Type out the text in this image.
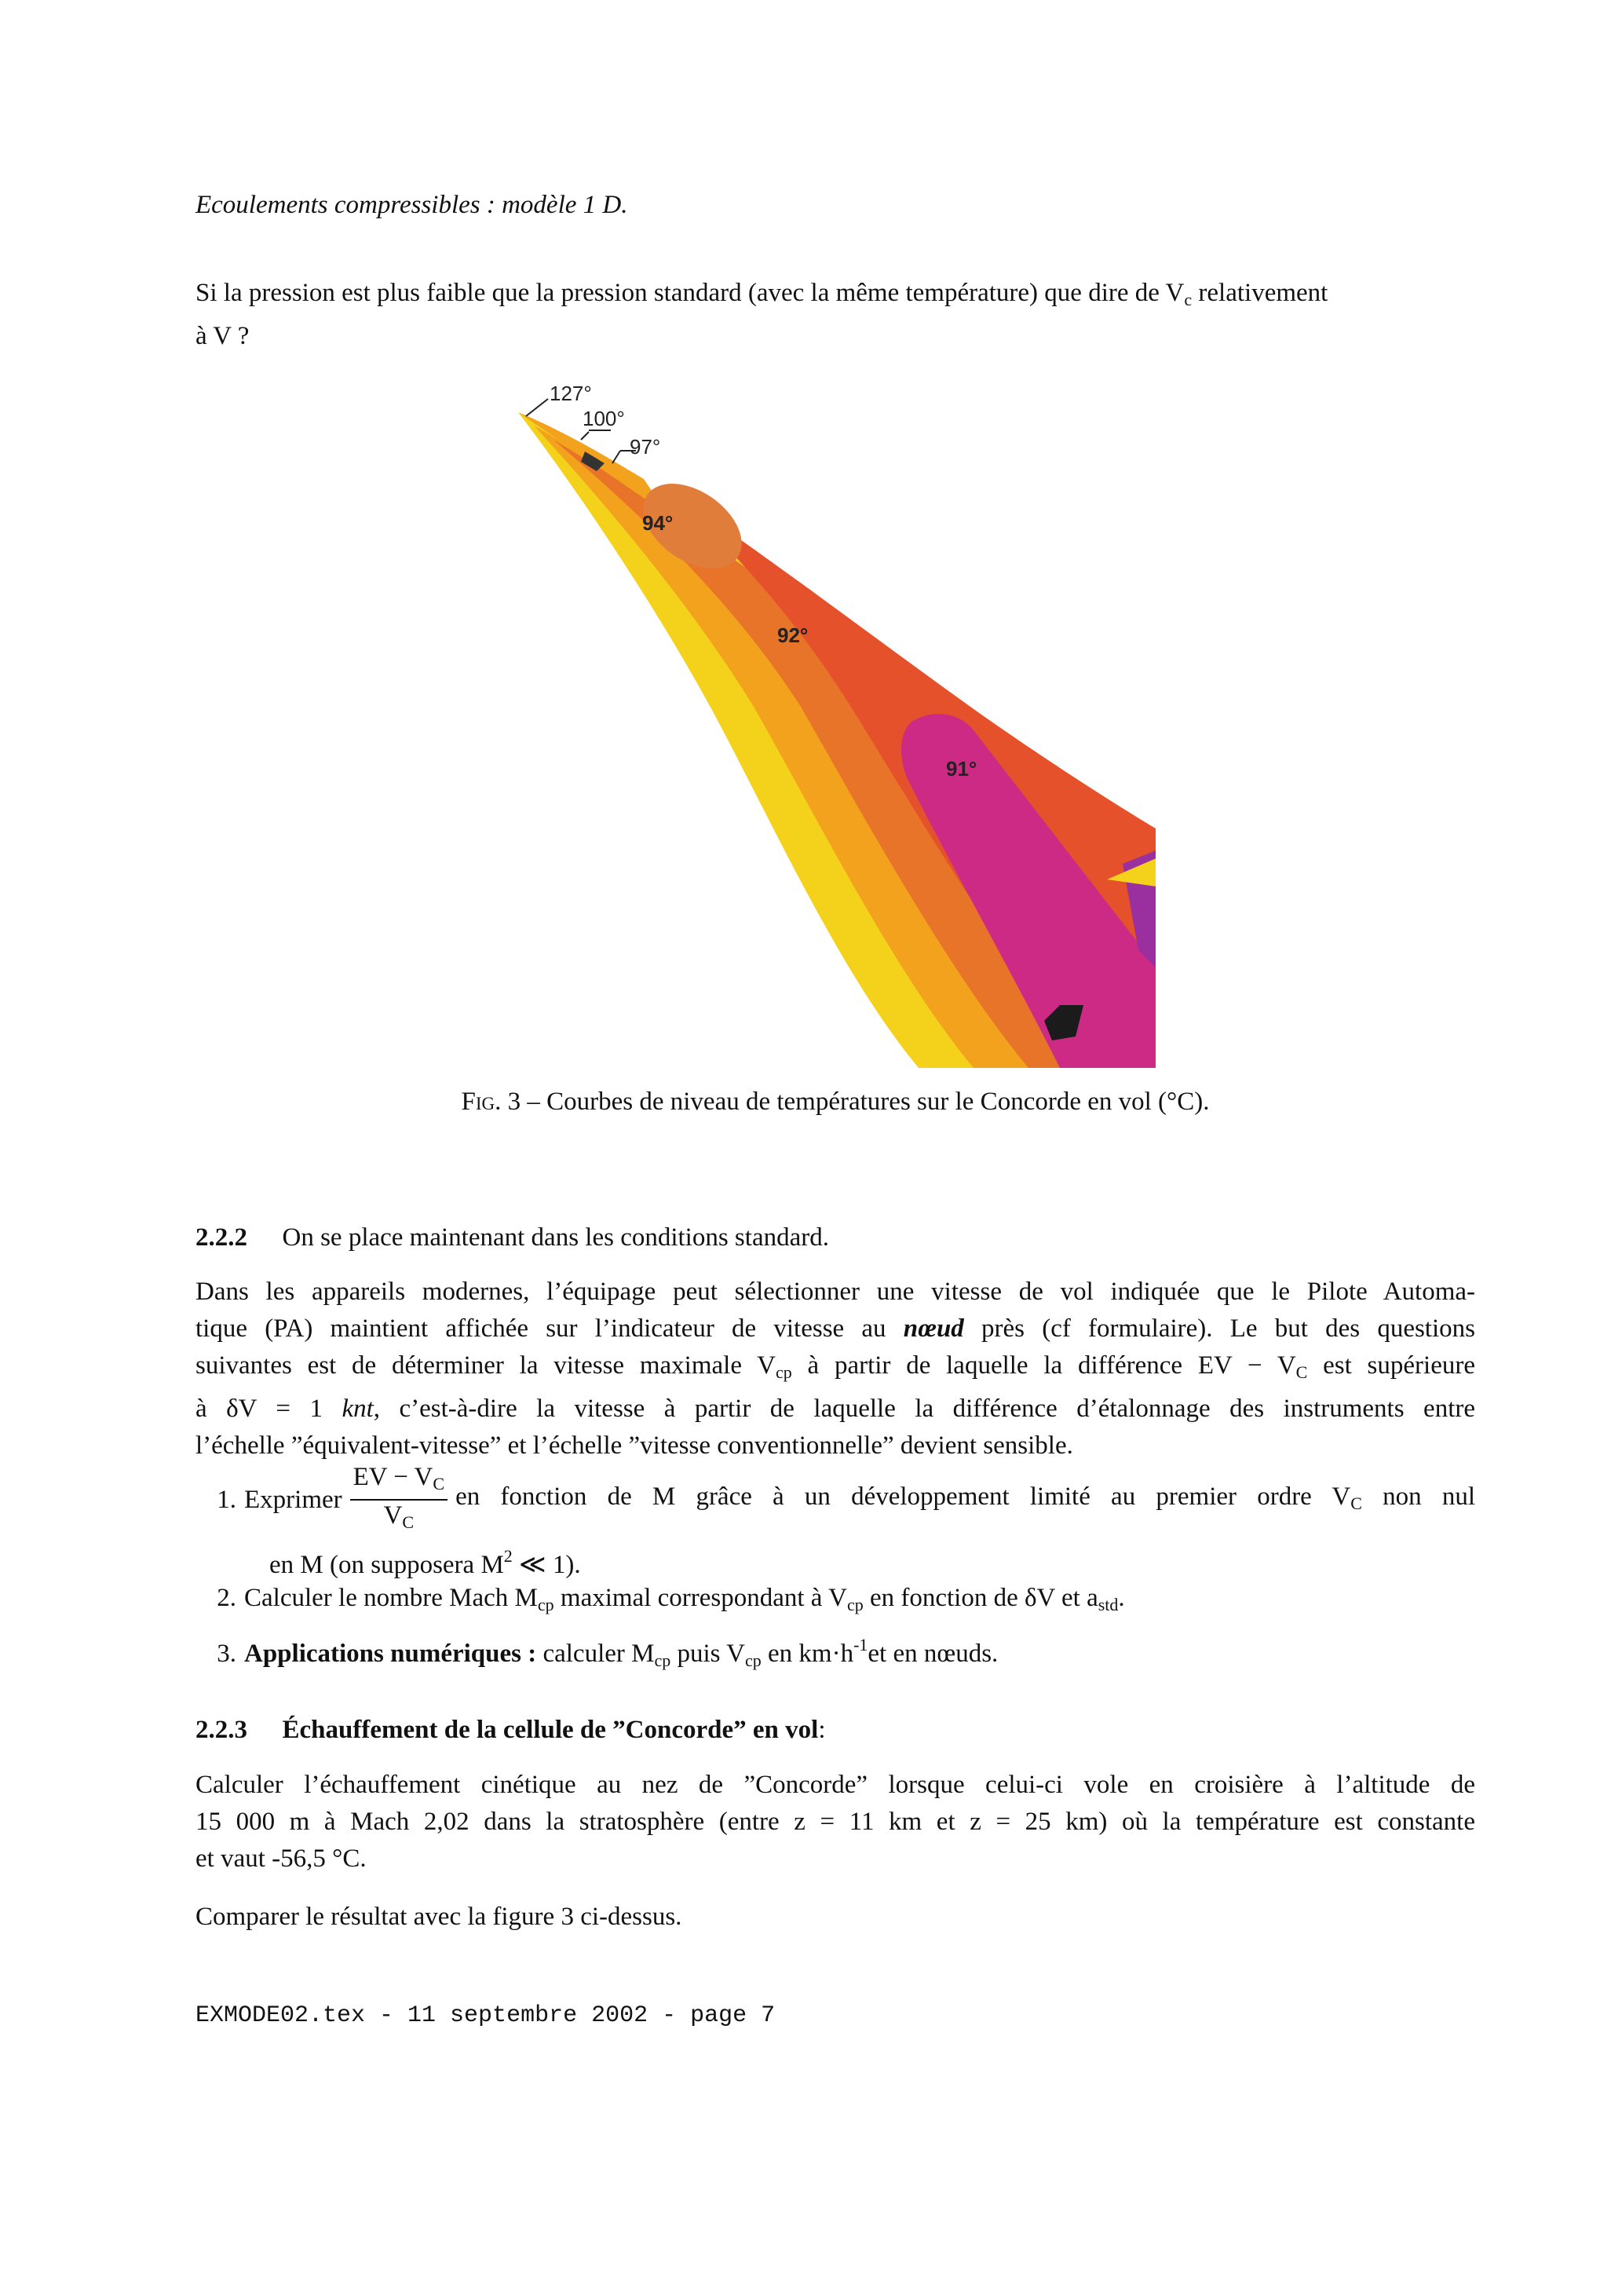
Ecoulements compressibles : modèle 1 D.
Si la pression est plus faible que la pression standard (avec la même température) que dire de $V_c$ relativement
à V ?
127°
100°
97°
94°
92°
91°
Fig. 3 – Courbes de niveau de températures sur le Concorde en vol (°C).
2.2.2 On se place maintenant dans les conditions standard.
Dans les appareils modernes, l’équipage peut sélectionner une vitesse de vol indiquée que le Pilote Automa-
tique (PA) maintient affichée sur l’indicateur de vitesse au nœud près (cf formulaire). Le but des questions
suivantes est de déterminer la vitesse maximale $V_{cp}$ à partir de laquelle la différence EV − $V_C$ est supérieure
à δV = 1 knt, c’est-à-dire la vitesse à partir de laquelle la différence d’étalonnage des instruments entre
l’échelle ”équivalent-vitesse” et l’échelle ”vitesse conventionnelle” devient sensible.
1. Exprimer $\frac{EV - V_C}{V_C}$ en fonction de M grâce à un développement limité au premier ordre $V_C$ non nul
en M (on supposera $M^2$ ≪ 1).
2. Calculer le nombre Mach $M_{cp}$ maximal correspondant à $V_{cp}$ en fonction de δV et $a_{std}$.
3. Applications numériques : calculer $M_{cp}$ puis $V_{cp}$ en $km\cdot h^{-1}et$ en nœuds.
2.2.3 Échauffement de la cellule de ”Concorde” en vol:
Calculer l’échauffement cinétique au nez de ”Concorde” lorsque celui-ci vole en croisière à l’altitude de
15 000 m à Mach 2,02 dans la stratosphère (entre z = 11 km et z = 25 km) où la température est constante
et vaut -56,5 °C.
Comparer le résultat avec la figure 3 ci-dessus.
EXMODE02.tex - 11 septembre 2002 - page 7
